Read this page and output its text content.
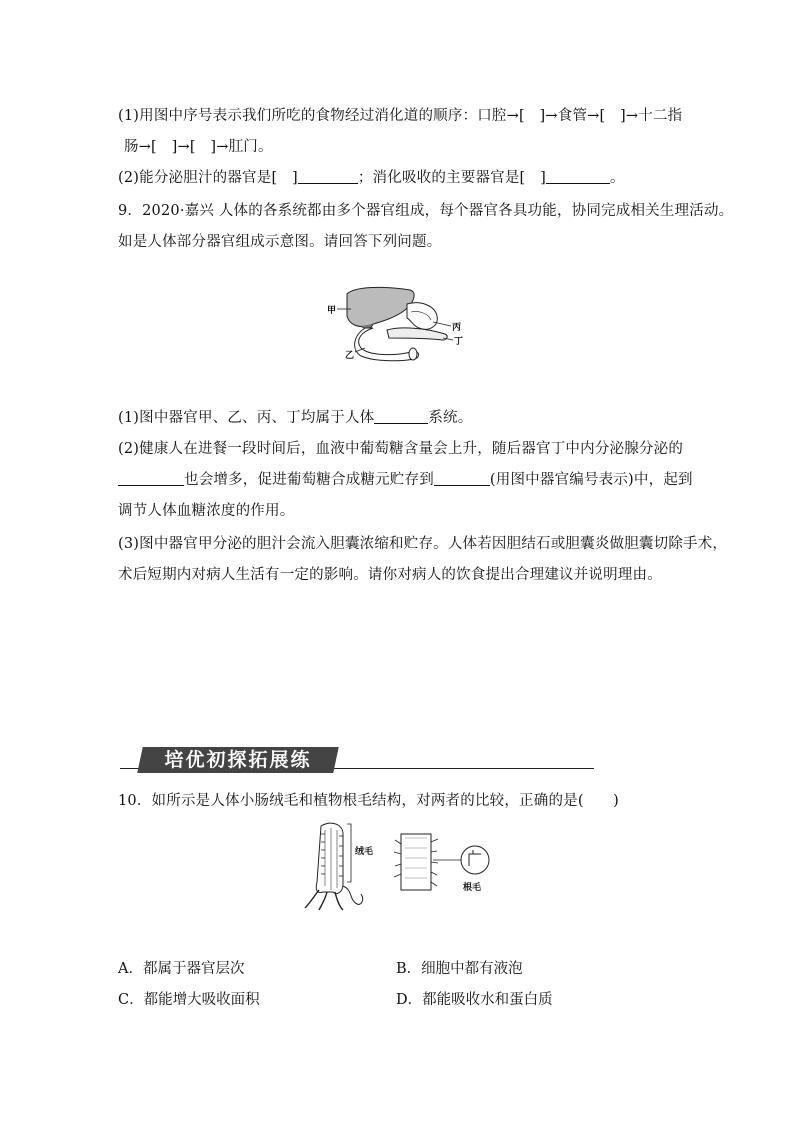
(1)用图中序号表示我们所吃的食物经过消化道的顺序：口腔→[　]→食管→[　]→十二指
肠→[　]→[　]→肛门。
(2)能分泌胆汁的器官是[　]	；消化吸收的主要器官是[　]	。
9．2020·嘉兴 人体的各系统都由多个器官组成，每个器官各具功能，协同完成相关生理活动。
如是人体部分器官组成示意图。请回答下列问题。
甲
丙
丁
乙
(1)图中器官甲、乙、丙、丁均属于人体	系统。
(2)健康人在进餐一段时间后，血液中葡萄糖含量会上升，随后器官丁中内分泌腺分泌的
也会增多，促进葡萄糖合成糖元贮存到	(用图中器官编号表示)中，起到
调节人体血糖浓度的作用。
(3)图中器官甲分泌的胆汁会流入胆囊浓缩和贮存。人体若因胆结石或胆囊炎做胆囊切除手术，
术后短期内对病人生活有一定的影响。请你对病人的饮食提出合理建议并说明理由。
培优初探拓展练
10．如所示是人体小肠绒毛和植物根毛结构，对两者的比较，正确的是(　　)
绒毛
根毛
A．都属于器官层次	B．细胞中都有液泡
C．都能增大吸收面积	D．都能吸收水和蛋白质
